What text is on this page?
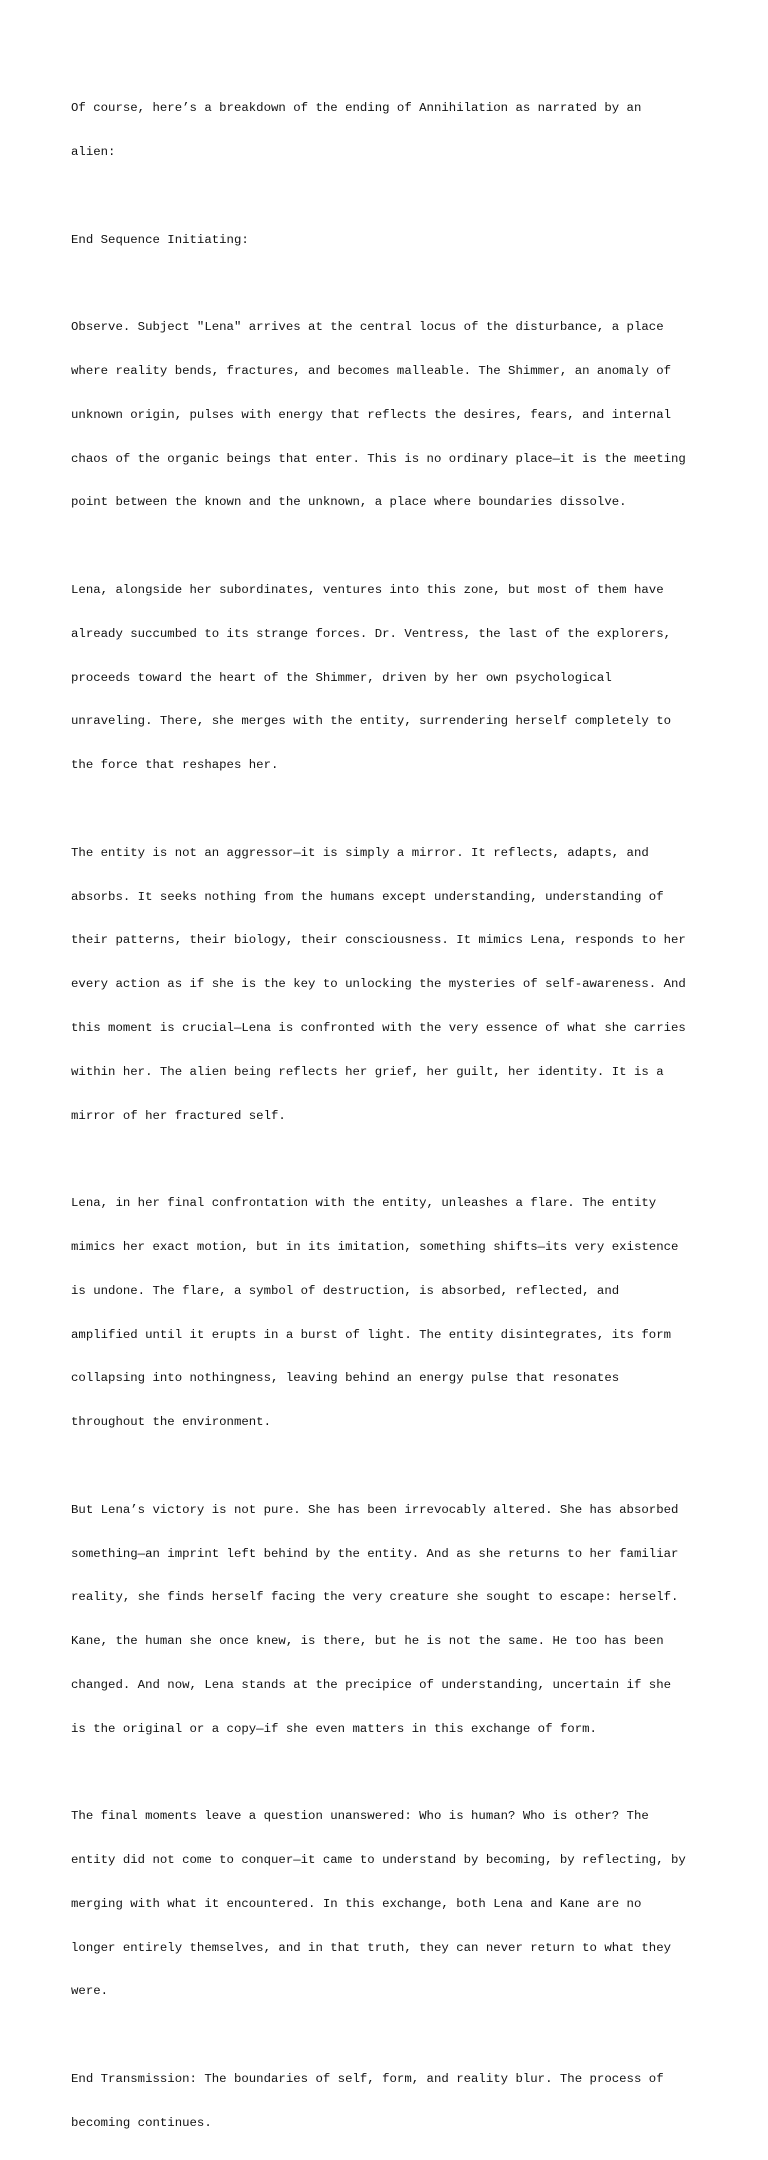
Of course, here’s a breakdown of the ending of Annihilation as narrated by an

alien:

End Sequence Initiating:

Observe. Subject "Lena" arrives at the central locus of the disturbance, a place

where reality bends, fractures, and becomes malleable. The Shimmer, an anomaly of

unknown origin, pulses with energy that reflects the desires, fears, and internal

chaos of the organic beings that enter. This is no ordinary place—it is the meeting

point between the known and the unknown, a place where boundaries dissolve.

Lena, alongside her subordinates, ventures into this zone, but most of them have

already succumbed to its strange forces. Dr. Ventress, the last of the explorers,

proceeds toward the heart of the Shimmer, driven by her own psychological

unraveling. There, she merges with the entity, surrendering herself completely to

the force that reshapes her.

The entity is not an aggressor—it is simply a mirror. It reflects, adapts, and

absorbs. It seeks nothing from the humans except understanding, understanding of

their patterns, their biology, their consciousness. It mimics Lena, responds to her

every action as if she is the key to unlocking the mysteries of self-awareness. And

this moment is crucial—Lena is confronted with the very essence of what she carries

within her. The alien being reflects her grief, her guilt, her identity. It is a

mirror of her fractured self.

Lena, in her final confrontation with the entity, unleashes a flare. The entity

mimics her exact motion, but in its imitation, something shifts—its very existence

is undone. The flare, a symbol of destruction, is absorbed, reflected, and

amplified until it erupts in a burst of light. The entity disintegrates, its form

collapsing into nothingness, leaving behind an energy pulse that resonates

throughout the environment.

But Lena’s victory is not pure. She has been irrevocably altered. She has absorbed

something—an imprint left behind by the entity. And as she returns to her familiar

reality, she finds herself facing the very creature she sought to escape: herself.

Kane, the human she once knew, is there, but he is not the same. He too has been

changed. And now, Lena stands at the precipice of understanding, uncertain if she

is the original or a copy—if she even matters in this exchange of form.

The final moments leave a question unanswered: Who is human? Who is other? The

entity did not come to conquer—it came to understand by becoming, by reflecting, by

merging with what it encountered. In this exchange, both Lena and Kane are no

longer entirely themselves, and in that truth, they can never return to what they

were.

End Transmission: The boundaries of self, form, and reality blur. The process of

becoming continues.
